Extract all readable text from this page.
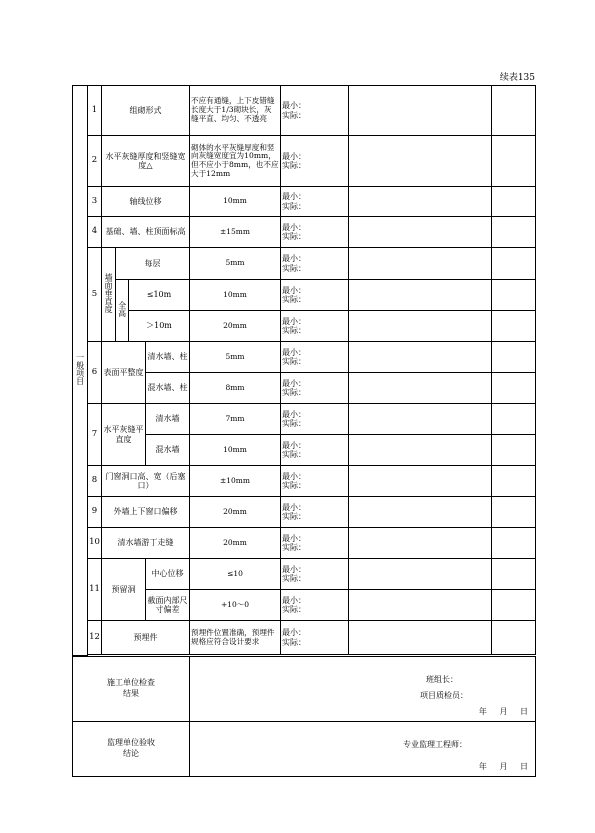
续表135
一般项目	1	组砌形式				不应有通缝，上下皮错缝长度大于1/3砌块长，灰缝平直、均匀、不透亮	最小：
实际：		

	2	水平灰缝厚度和竖缝宽度△				砌体的水平灰缝厚度和竖向灰缝宽度宜为10mm，但不应小于8mm，也不应大于12mm	最小：
实际：		

	3	轴线位移				10mm	最小：
实际：		

	4	基础、墙、柱顶面标高				±15mm	最小：
实际：		

	5	墙面垂直度	每层			5mm	最小：
实际：		

			全高	≤10m		10mm	最小：
实际：		

				＞10m		20mm	最小：
实际：		

	6	表面平整度			清水墙、柱	5mm	最小：
实际：		

					混水墙、柱	8mm	最小：
实际：		

	7	水平灰缝平直度			清水墙	7mm	最小：
实际：		

					混水墙	10mm	最小：
实际：		

	8	门窗洞口高、宽（后塞口）				±10mm	最小：
实际：		

	9	外墙上下窗口偏移				20mm	最小：
实际：		

	10	清水墙游丁走缝				20mm	最小：
实际：		

	11	预留洞			中心位移	≤10	最小：
实际：		

					截面内部尺寸偏差	+10～0	最小：
实际：		

	12	预埋件				预埋件位置准确，预埋件规格应符合设计要求	最小：
实际：		

施工单位检查结果						班组长：
项目质检员：
年 月 日			

监理单位验收结论						专业监理工程师：
年 月 日			
